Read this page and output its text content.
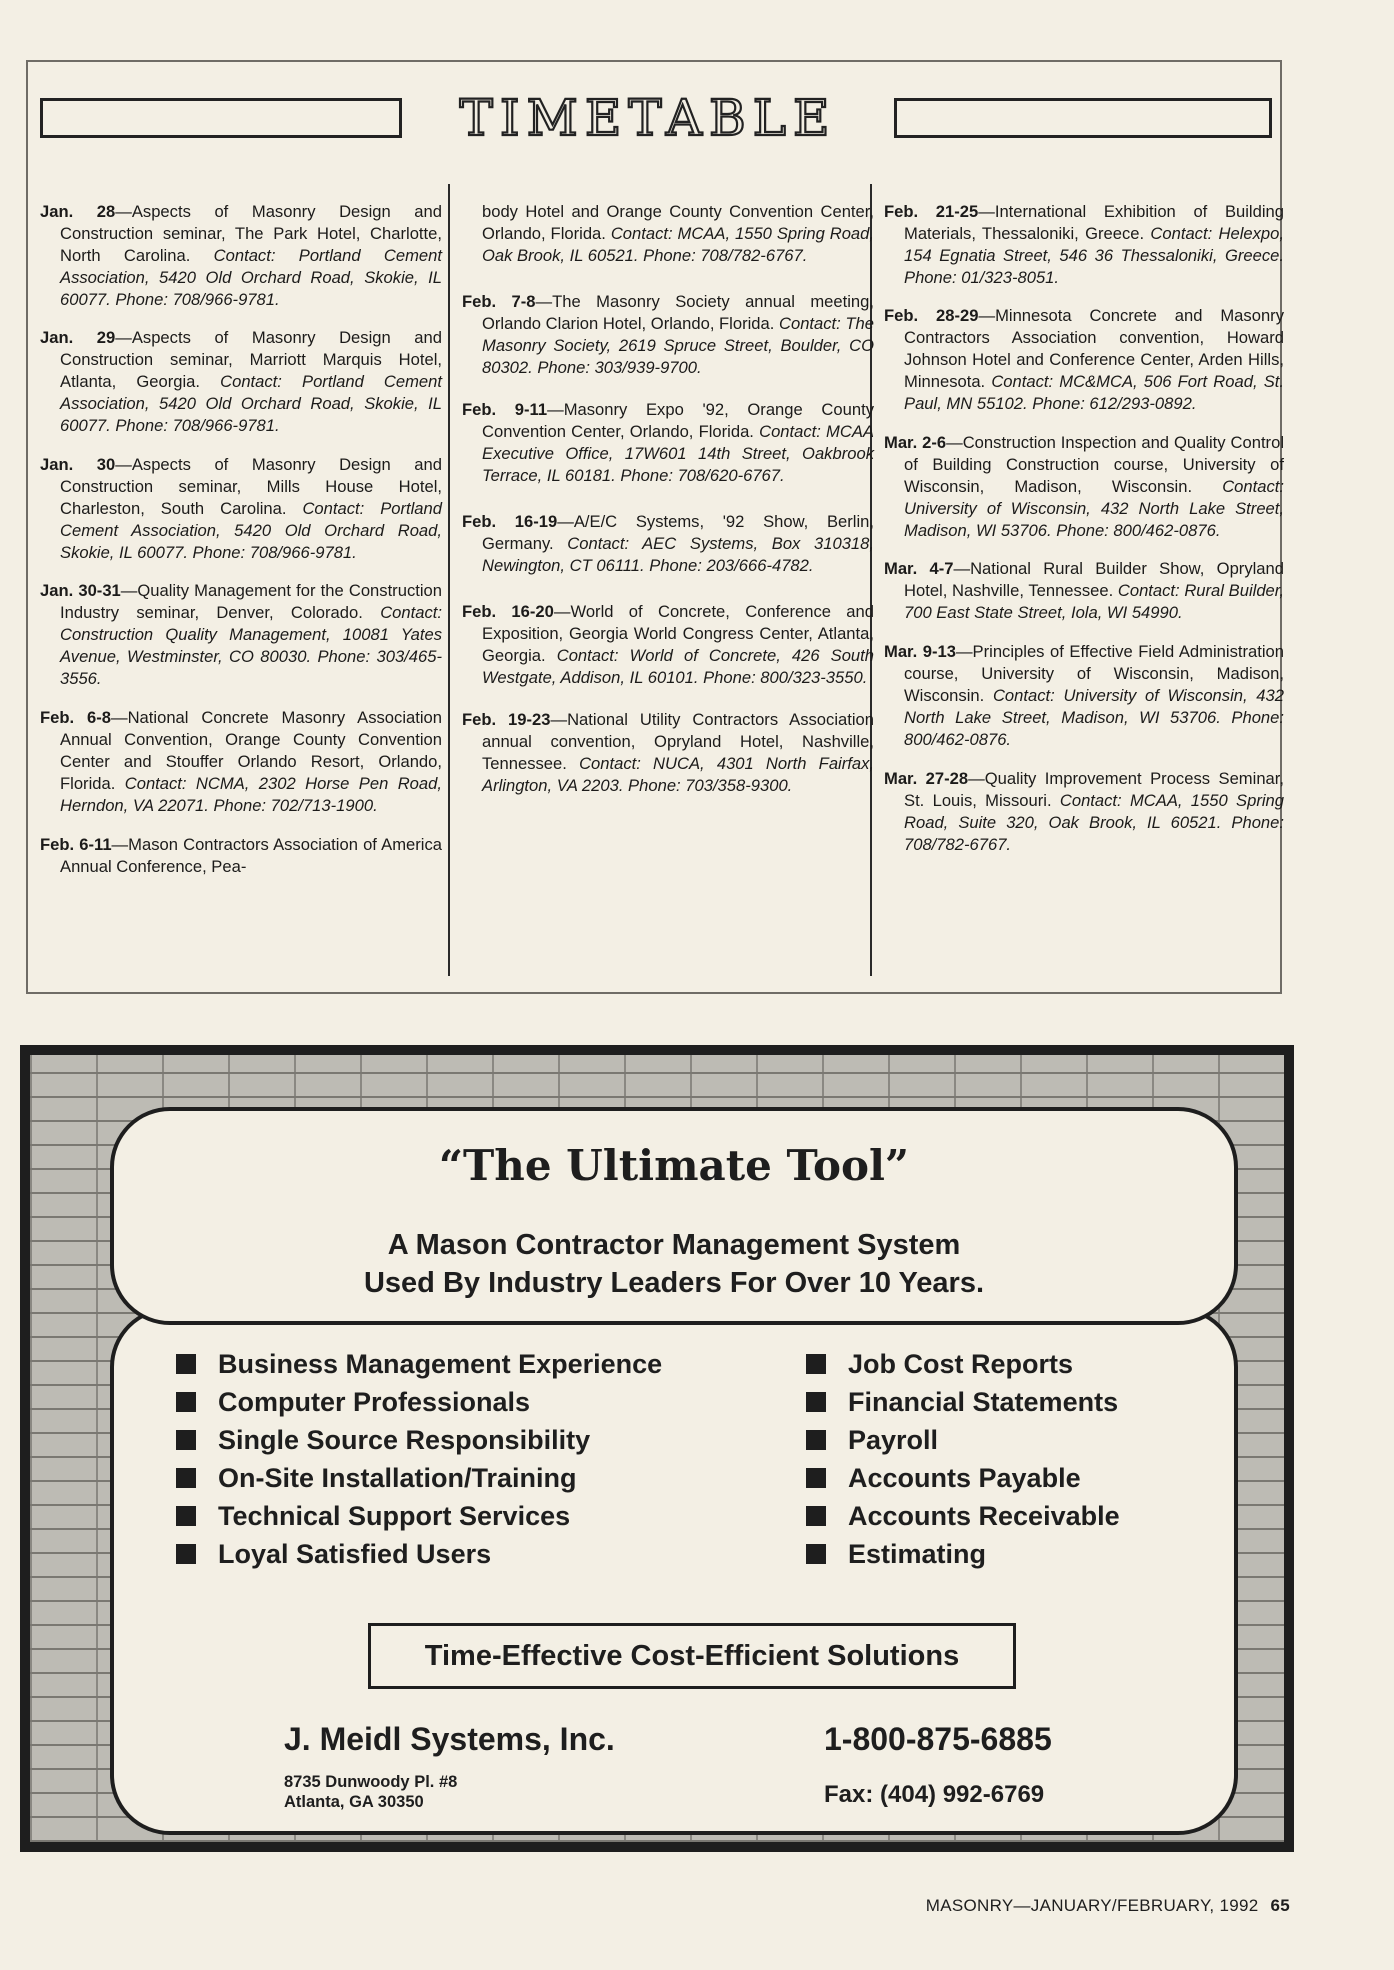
TIMETABLE

Jan. 28—Aspects of Masonry Design and Construction seminar, The Park Hotel, Charlotte, North Carolina. Contact: Portland Cement Association, 5420 Old Orchard Road, Skokie, IL 60077. Phone: 708/966-9781.

Jan. 29—Aspects of Masonry Design and Construction seminar, Marriott Marquis Hotel, Atlanta, Georgia. Contact: Portland Cement Association, 5420 Old Orchard Road, Skokie, IL 60077. Phone: 708/966-9781.

Jan. 30—Aspects of Masonry Design and Construction seminar, Mills House Hotel, Charleston, South Carolina. Contact: Portland Cement Association, 5420 Old Orchard Road, Skokie, IL 60077. Phone: 708/966-9781.

Jan. 30-31—Quality Management for the Construction Industry seminar, Denver, Colorado. Contact: Construction Quality Management, 10081 Yates Avenue, Westminster, CO 80030. Phone: 303/465-3556.

Feb. 6-8—National Concrete Masonry Association Annual Convention, Orange County Convention Center and Stouffer Orlando Resort, Orlando, Florida. Contact: NCMA, 2302 Horse Pen Road, Herndon, VA 22071. Phone: 702/713-1900.

Feb. 6-11—Mason Contractors Association of America Annual Conference, Pea-

body Hotel and Orange County Convention Center, Orlando, Florida. Contact: MCAA, 1550 Spring Road, Oak Brook, IL 60521. Phone: 708/782-6767.

Feb. 7-8—The Masonry Society annual meeting, Orlando Clarion Hotel, Orlando, Florida. Contact: The Masonry Society, 2619 Spruce Street, Boulder, CO 80302. Phone: 303/939-9700.

Feb. 9-11—Masonry Expo '92, Orange County Convention Center, Orlando, Florida. Contact: MCAA Executive Office, 17W601 14th Street, Oakbrook Terrace, IL 60181. Phone: 708/620-6767.

Feb. 16-19—A/E/C Systems, '92 Show, Berlin, Germany. Contact: AEC Systems, Box 310318, Newington, CT 06111. Phone: 203/666-4782.

Feb. 16-20—World of Concrete, Conference and Exposition, Georgia World Congress Center, Atlanta, Georgia. Contact: World of Concrete, 426 South Westgate, Addison, IL 60101. Phone: 800/323-3550.

Feb. 19-23—National Utility Contractors Association annual convention, Opryland Hotel, Nashville, Tennessee. Contact: NUCA, 4301 North Fairfax, Arlington, VA 2203. Phone: 703/358-9300.

Feb. 21-25—International Exhibition of Building Materials, Thessaloniki, Greece. Contact: Helexpo, 154 Egnatia Street, 546 36 Thessaloniki, Greece. Phone: 01/323-8051.

Feb. 28-29—Minnesota Concrete and Masonry Contractors Association convention, Howard Johnson Hotel and Conference Center, Arden Hills, Minnesota. Contact: MC&MCA, 506 Fort Road, St. Paul, MN 55102. Phone: 612/293-0892.

Mar. 2-6—Construction Inspection and Quality Control of Building Construction course, University of Wisconsin, Madison, Wisconsin. Contact: University of Wisconsin, 432 North Lake Street, Madison, WI 53706. Phone: 800/462-0876.

Mar. 4-7—National Rural Builder Show, Opryland Hotel, Nashville, Tennessee. Contact: Rural Builder, 700 East State Street, Iola, WI 54990.

Mar. 9-13—Principles of Effective Field Administration course, University of Wisconsin, Madison, Wisconsin. Contact: University of Wisconsin, 432 North Lake Street, Madison, WI 53706. Phone: 800/462-0876.

Mar. 27-28—Quality Improvement Process Seminar, St. Louis, Missouri. Contact: MCAA, 1550 Spring Road, Suite 320, Oak Brook, IL 60521. Phone: 708/782-6767.

Business Management Experience
Computer Professionals
Single Source Responsibility
On-Site Installation/Training
Technical Support Services
Loyal Satisfied Users
Job Cost Reports
Financial Statements
Payroll
Accounts Payable
Accounts Receivable
Estimating
Time-Effective Cost-Efficient Solutions
J. Meidl Systems, Inc.
8735 Dunwoody Pl. #8
Atlanta, GA 30350
1-800-875-6885
Fax: (404) 992-6769
“The Ultimate Tool”
A Mason Contractor Management System
Used By Industry Leaders For Over 10 Years.
MASONRY—JANUARY/FEBRUARY, 1992 65
